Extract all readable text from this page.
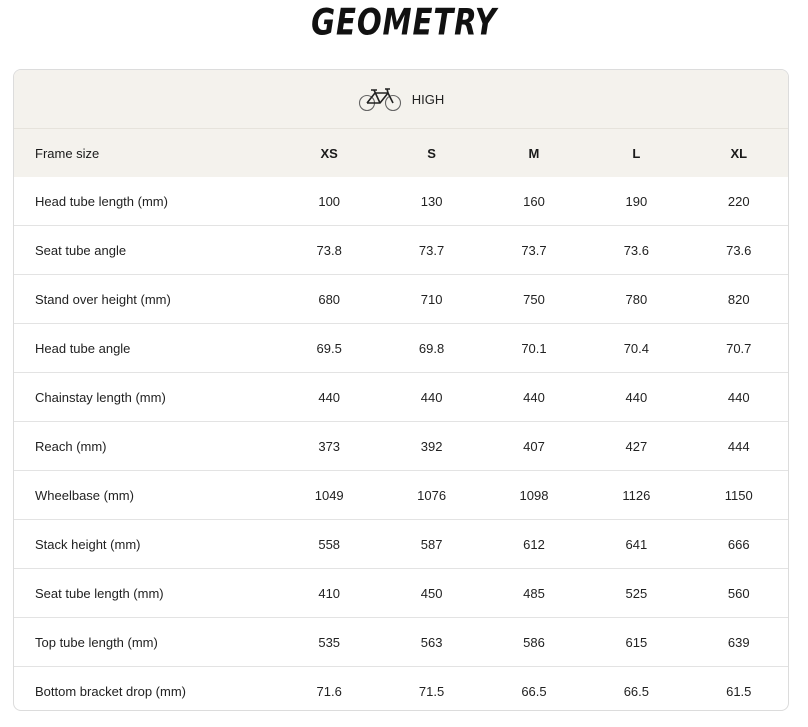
GEOMETRY
HIGH
Frame size	XS	S	M	L	XL
Head tube length (mm)	100	130	160	190	220
Seat tube angle	73.8	73.7	73.7	73.6	73.6
Stand over height (mm)	680	710	750	780	820
Head tube angle	69.5	69.8	70.1	70.4	70.7
Chainstay length (mm)	440	440	440	440	440
Reach (mm)	373	392	407	427	444
Wheelbase (mm)	1049	1076	1098	1126	1150
Stack height (mm)	558	587	612	641	666
Seat tube length (mm)	410	450	485	525	560
Top tube length (mm)	535	563	586	615	639
Bottom bracket drop (mm)	71.6	71.5	66.5	66.5	61.5
